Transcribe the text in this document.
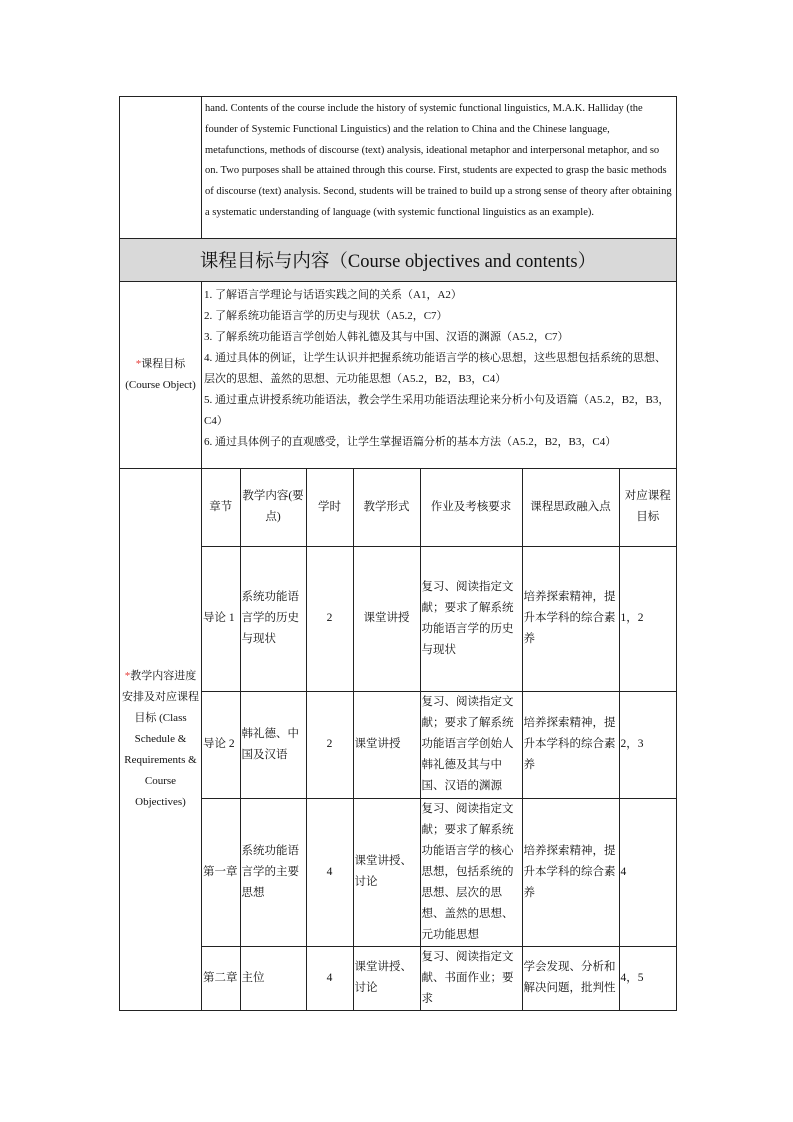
	hand. Contents of the course include the history of systemic functional linguistics, M.A.K. Halliday (the founder of Systemic Functional Linguistics) and the relation to China and the Chinese language, metafunctions, methods of discourse (text) analysis, ideational metaphor and interpersonal metaphor, and so on. Two purposes shall be attained through this course. First, students are expected to grasp the basic methods of discourse (text) analysis. Second, students will be trained to build up a strong sense of theory after obtaining a systematic understanding of language (with systemic functional linguistics as an example).
课程目标与内容（Course objectives and contents）
*课程目标
(Course Object)	
1. 了解语言学理论与话语实践之间的关系（A1，A2）
2. 了解系统功能语言学的历史与现状（A5.2，C7）
3. 了解系统功能语言学创始人韩礼德及其与中国、汉语的渊源（A5.2，C7）
4. 通过具体的例证，让学生认识并把握系统功能语言学的核心思想，这些思想包括系统的思想、层次的思想、盖然的思想、元功能思想（A5.2，B2，B3，C4）
5. 通过重点讲授系统功能语法，教会学生采用功能语法理论来分析小句及语篇（A5.2，B2，B3，C4）
6. 通过具体例子的直观感受，让学生掌握语篇分析的基本方法（A5.2，B2，B3，C4）

*教学内容进度安排及对应课程目标 (Class Schedule & Requirements & Course Objectives)	
章节	教学内容(要点)	学时	教学形式	作业及考核要求	课程思政融入点	对应课程目标
导论 1	系统功能语言学的历史与现状	2	课堂讲授	复习、阅读指定文献；要求了解系统功能语言学的历史与现状	培养探索精神，提升本学科的综合素养	1，2
导论 2	韩礼德、中国及汉语	2	课堂讲授	复习、阅读指定文献；要求了解系统功能语言学创始人韩礼德及其与中国、汉语的渊源	培养探索精神，提升本学科的综合素养	2，3
第一章	系统功能语言学的主要思想	4	课堂讲授、讨论	复习、阅读指定文献；要求了解系统功能语言学的核心思想，包括系统的思想、层次的思想、盖然的思想、元功能思想	培养探索精神，提升本学科的综合素养	4
第二章	主位	4	课堂讲授、讨论	复习、阅读指定文献、书面作业；要求	学会发现、分析和解决问题，批判性	4，5
